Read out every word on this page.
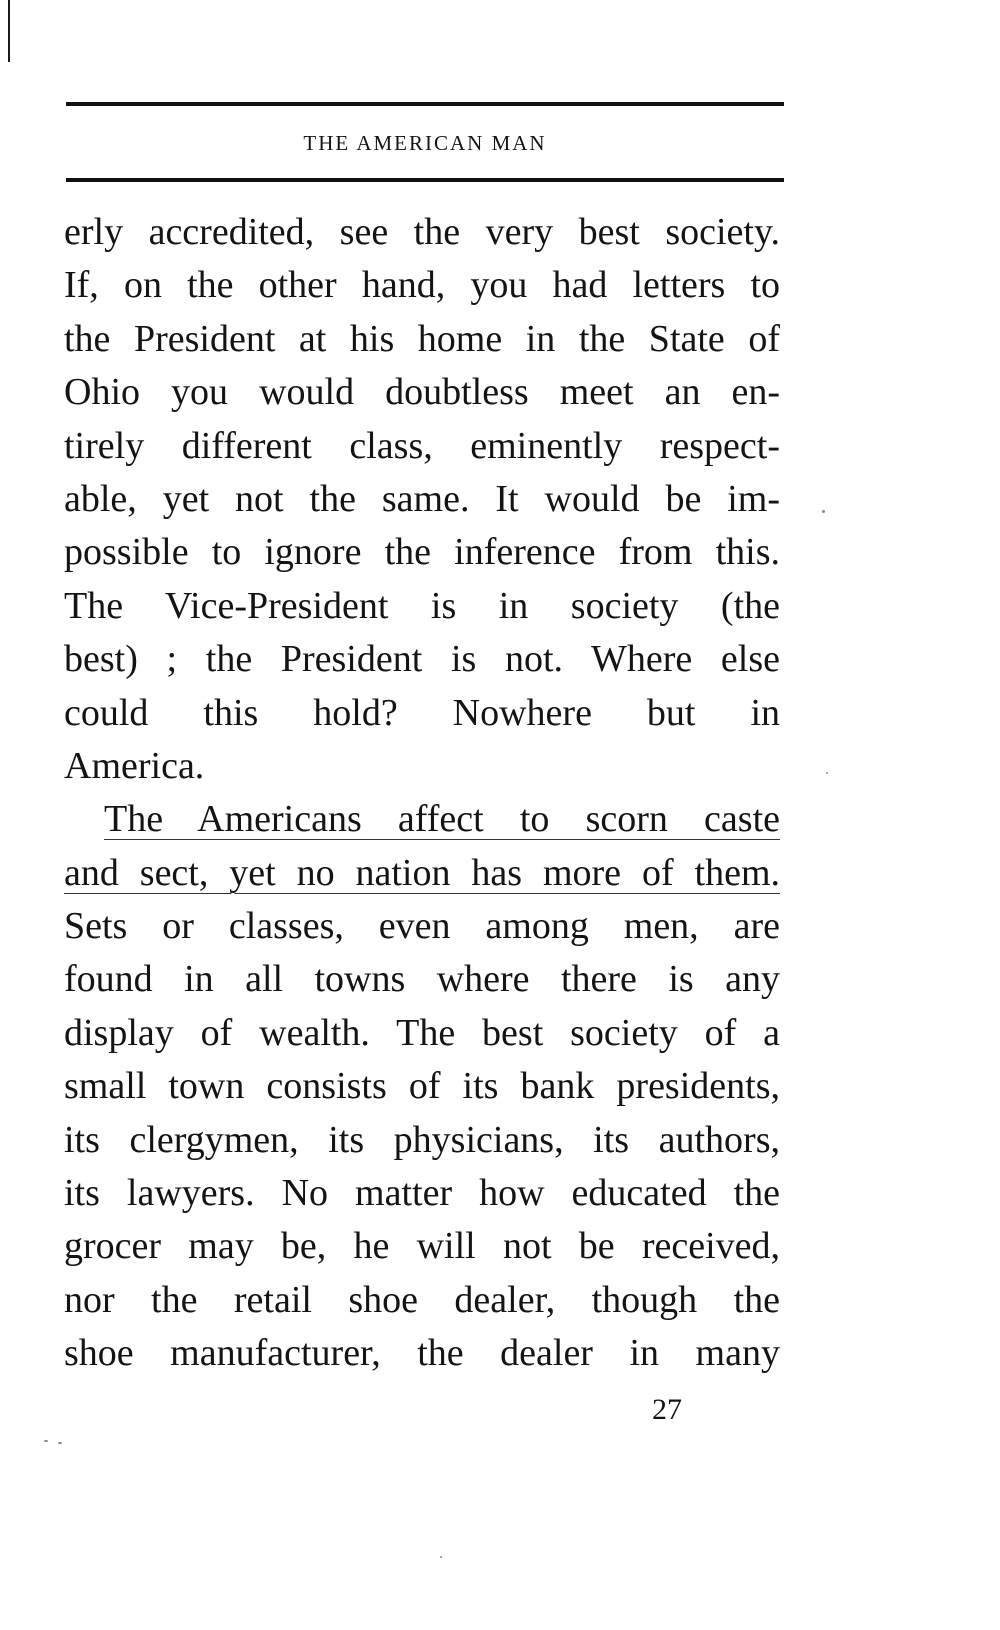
THE AMERICAN MAN
erly accredited, see the very best society.
If, on the other hand, you had letters to
the President at his home in the State of
Ohio you would doubtless meet an en-
tirely different class, eminently respect-
able, yet not the same. It would be im-
possible to ignore the inference from this.
The Vice-President is in society (the
best) ; the President is not. Where else
could this hold? Nowhere but in
America.
The Americans affect to scorn caste
and sect, yet no nation has more of them.
Sets or classes, even among men, are
found in all towns where there is any
display of wealth. The best society of a
small town consists of its bank presidents,
its clergymen, its physicians, its authors,
its lawyers. No matter how educated the
grocer may be, he will not be received,
nor the retail shoe dealer, though the
shoe manufacturer, the dealer in many
27
